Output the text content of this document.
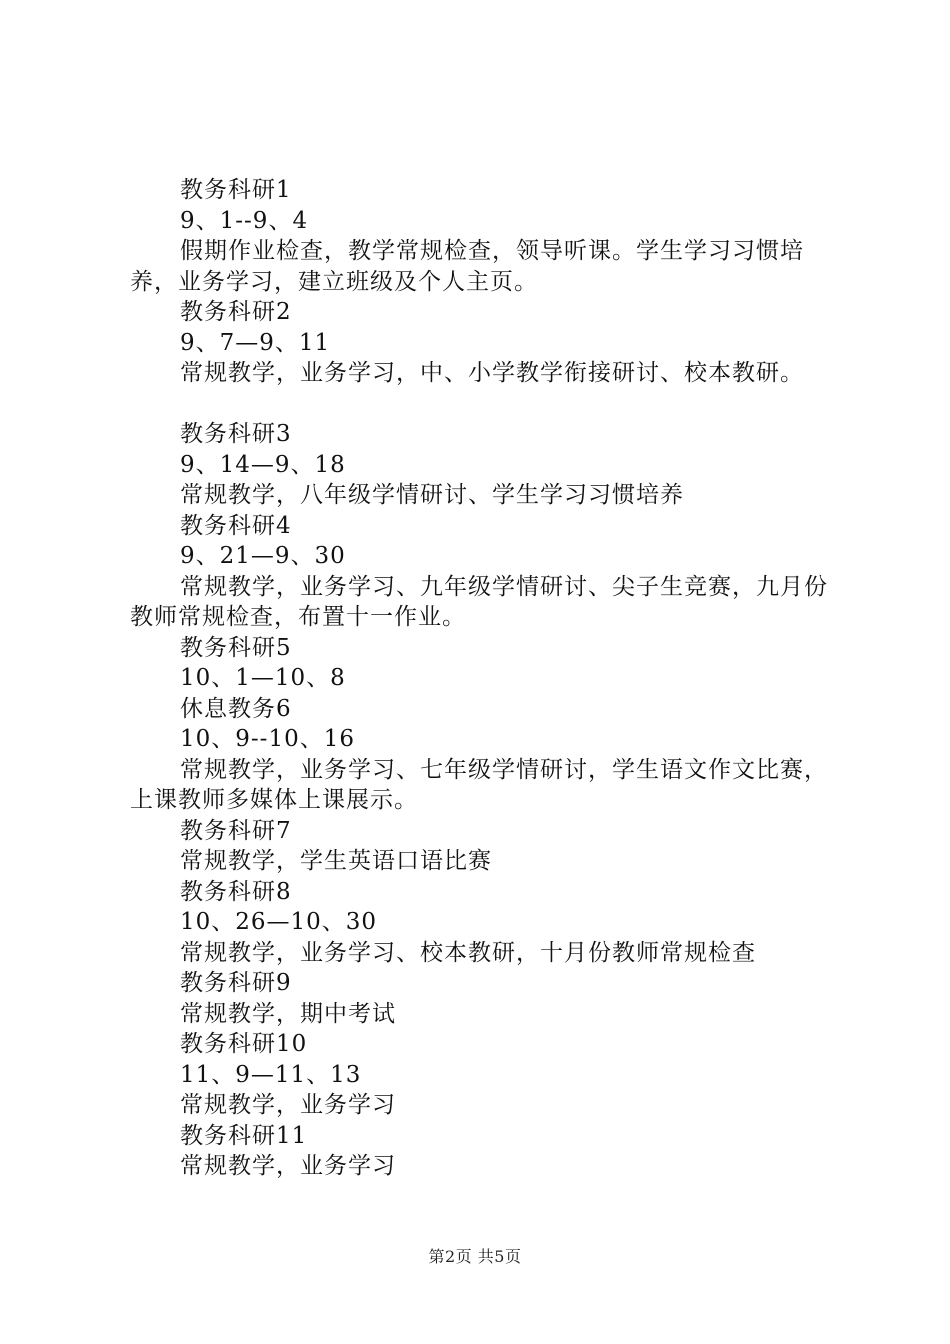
教务科研1
9、1--9、4
假期作业检查，教学常规检查，领导听课。学生学习习惯培养，业务学习，建立班级及个人主页。
教务科研2
9、7—9、11
常规教学，业务学习，中、小学教学衔接研讨、校本教研。
教务科研3
9、14—9、18
常规教学，八年级学情研讨、学生学习习惯培养
教务科研4
9、21—9、30
常规教学，业务学习、九年级学情研讨、尖子生竞赛，九月份教师常规检查，布置十一作业。
教务科研5
10、1—10、8
休息教务6
10、9--10、16
常规教学，业务学习、七年级学情研讨，学生语文作文比赛，上课教师多媒体上课展示。
教务科研7
常规教学，学生英语口语比赛
教务科研8
10、26—10、30
常规教学，业务学习、校本教研，十月份教师常规检查
教务科研9
常规教学，期中考试
教务科研10
11、9—11、13
常规教学，业务学习
教务科研11
常规教学，业务学习
第2页 共5页
